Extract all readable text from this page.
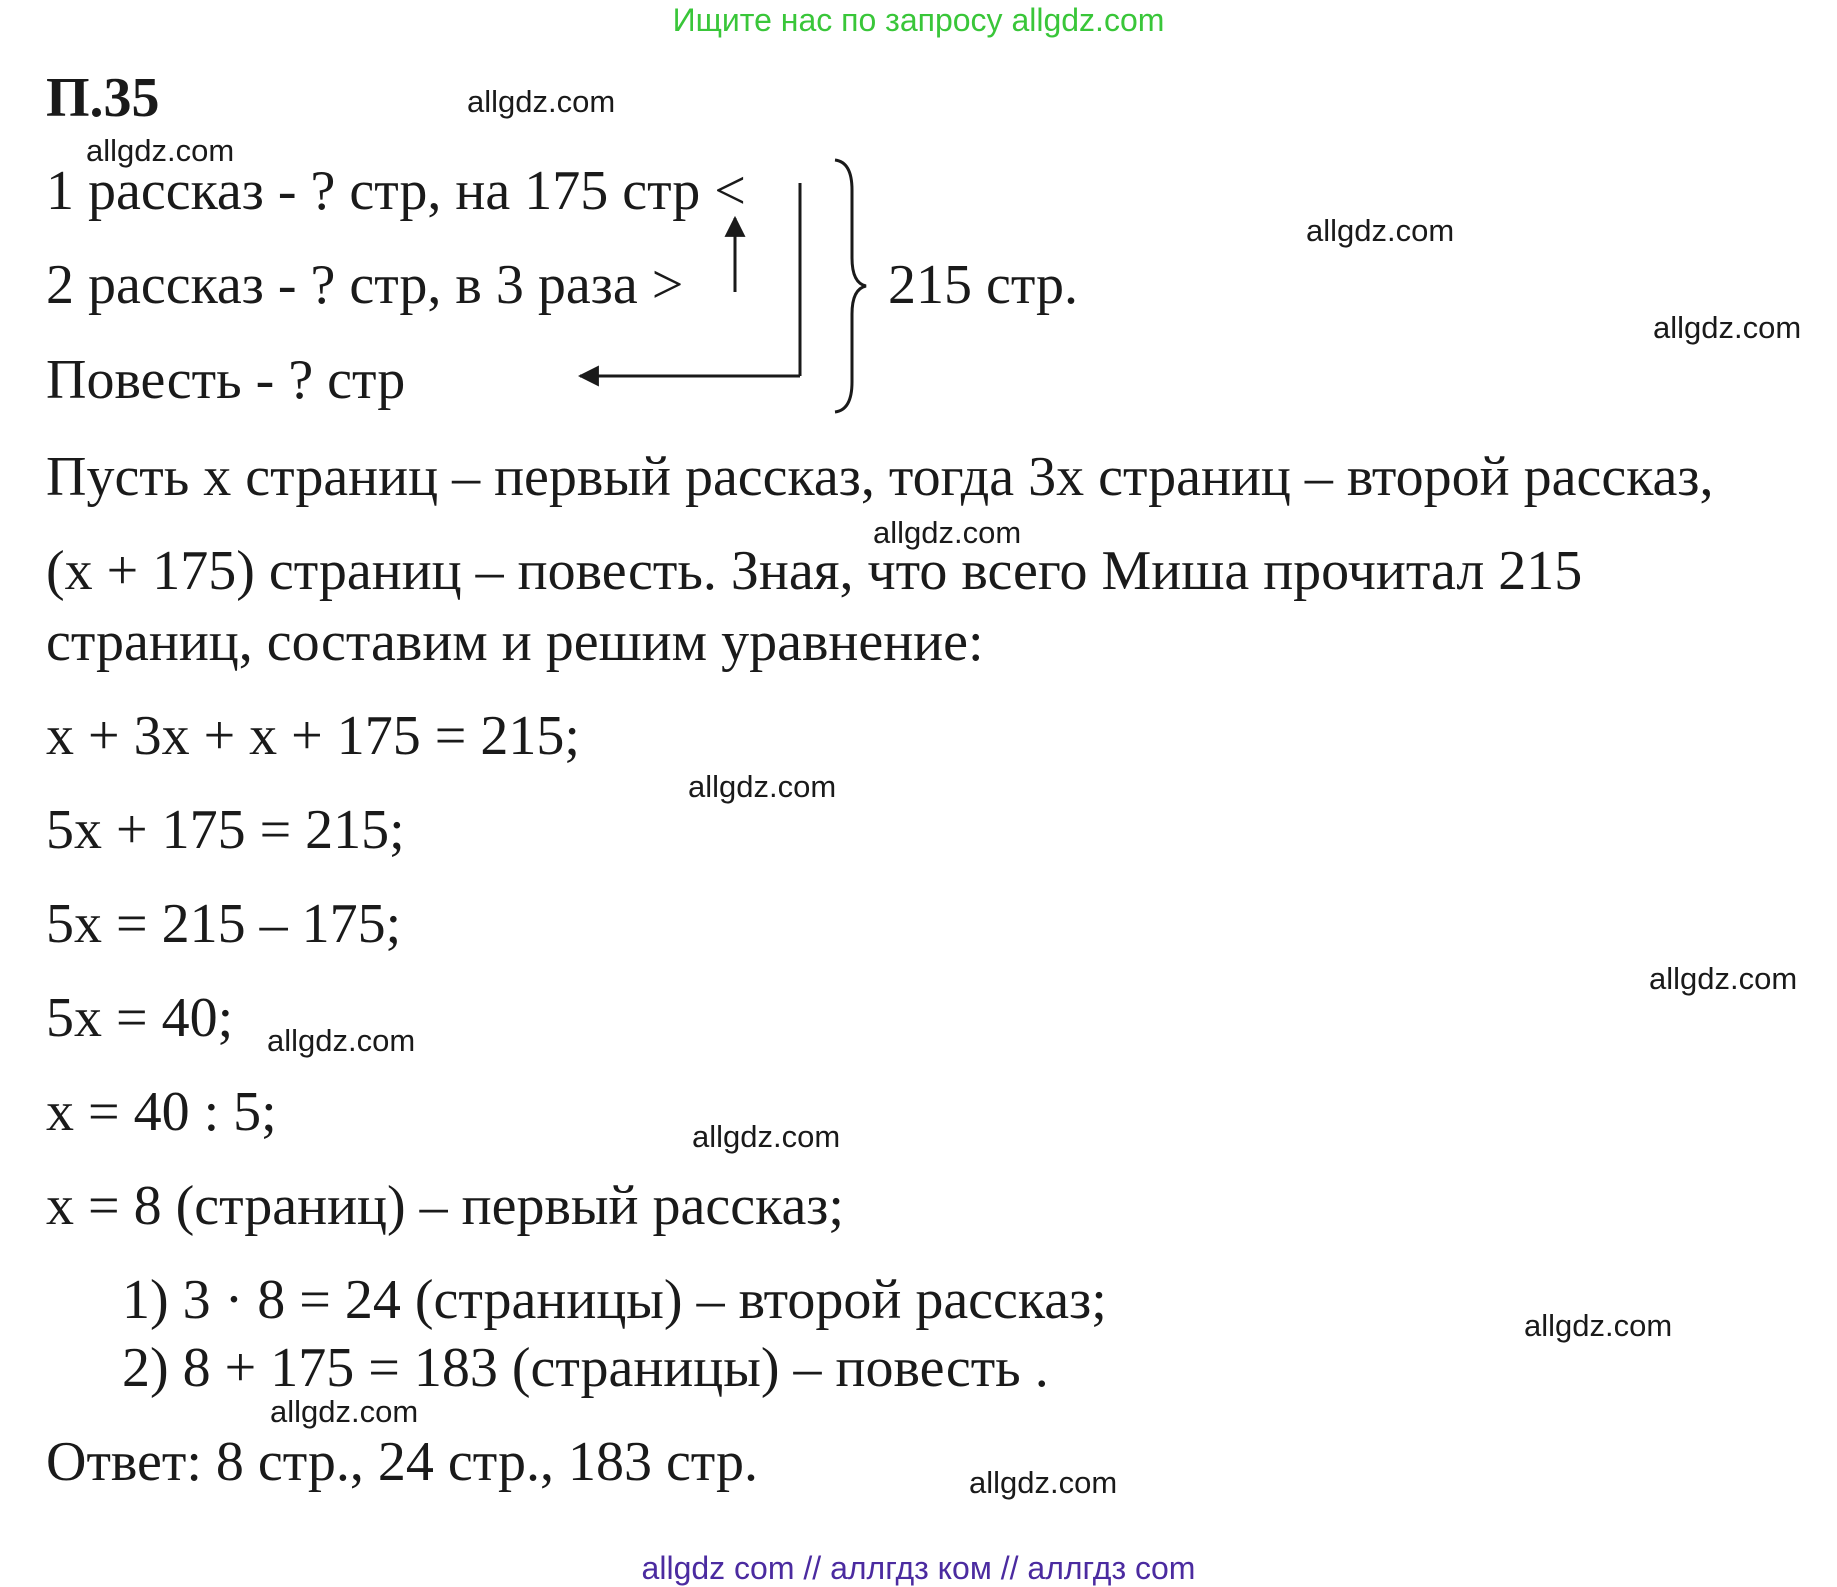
Ищите нас по запросу allgdz.com
П.35
1 рассказ - ? стр, на 175 стр <
2 рассказ - ? стр, в 3 раза >
Повесть - ? стр
215 стр.
Пусть х страниц – первый рассказ, тогда 3х страниц – второй рассказ,
(х + 175) страниц – повесть. Зная, что всего Миша прочитал 215
страниц, составим и решим уравнение:
х + 3х + х + 175 = 215;
5х + 175 = 215;
5х = 215 – 175;
5х = 40;
х = 40 : 5;
х = 8 (страниц) – первый рассказ;
1) 3 · 8 = 24 (страницы) – второй рассказ;
2) 8 + 175 = 183 (страницы) – повесть .
Ответ: 8 стр., 24 стр., 183 стр.
allgdz.com
allgdz.com
allgdz.com
allgdz.com
allgdz.com
allgdz.com
allgdz.com
allgdz.com
allgdz.com
allgdz.com
allgdz.com
allgdz.com
allgdz com // аллгдз ком // аллгдз com
